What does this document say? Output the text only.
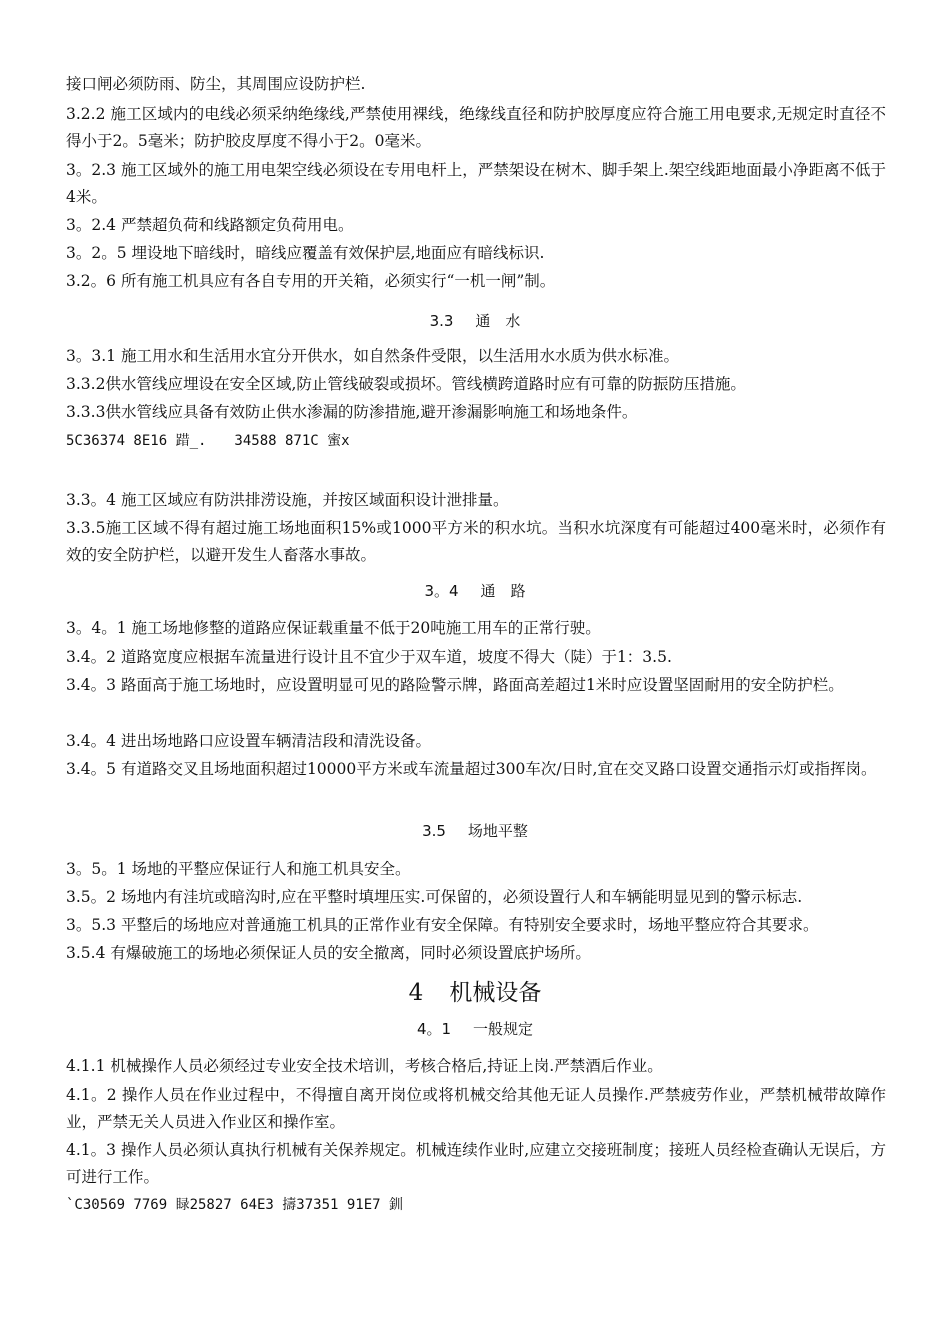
接口闸必须防雨、防尘，其周围应设防护栏.
3.2.2 施工区域内的电线必须采纳绝缘线,严禁使用裸线，绝缘线直径和防护胶厚度应符合施工用电要求,无规定时直径不得小于2。5毫米；防护胶皮厚度不得小于2。0毫米。
3。2.3 施工区域外的施工用电架空线必须设在专用电杆上，严禁架设在树木、脚手架上.架空线距地面最小净距离不低于4米。
3。2.4 严禁超负荷和线路额定负荷用电。
3。2。5 埋设地下暗线时，暗线应覆盖有效保护层,地面应有暗线标识.
3.2。6 所有施工机具应有各自专用的开关箱，必须实行“一机一闸”制。
3.3 通　水
3。3.1 施工用水和生活用水宜分开供水，如自然条件受限，以生活用水水质为供水标准。
3.3.2供水管线应埋设在安全区域,防止管线破裂或损坏。管线横跨道路时应有可靠的防振防压措施。
3.3.3供水管线应具备有效防止供水渗漏的防渗措施,避开渗漏影响施工和场地条件。
5C36374 8E16 踖_.　　34588 871C 蜜x
3.3。4 施工区域应有防洪排涝设施，并按区域面积设计泄排量。
3.3.5施工区域不得有超过施工场地面积15%或1000平方米的积水坑。当积水坑深度有可能超过400毫米时，必须作有效的安全防护栏，以避开发生人畜落水事故。
3。4 通　路
3。4。1 施工场地修整的道路应保证载重量不低于20吨施工用车的正常行驶。
3.4。2 道路宽度应根据车流量进行设计且不宜少于双车道，坡度不得大（陡）于1：3.5.
3.4。3 路面高于施工场地时，应设置明显可见的路险警示牌，路面高差超过1米时应设置坚固耐用的安全防护栏。
3.4。4 进出场地路口应设置车辆清洁段和清洗设备。
3.4。5 有道路交叉且场地面积超过10000平方米或车流量超过300车次/日时,宜在交叉路口设置交通指示灯或指挥岗。
3.5 场地平整
3。5。1 场地的平整应保证行人和施工机具安全。
3.5。2 场地内有洼坑或暗沟时,应在平整时填埋压实.可保留的，必须设置行人和车辆能明显见到的警示标志.
3。5.3 平整后的场地应对普通施工机具的正常作业有安全保障。有特别安全要求时，场地平整应符合其要求。
3.5.4 有爆破施工的场地必须保证人员的安全撤离，同时必须设置底护场所。
4 机械设备
4。1 一般规定
4.1.1 机械操作人员必须经过专业安全技术培训，考核合格后,持证上岗.严禁酒后作业。
4.1。2 操作人员在作业过程中，不得擅自离开岗位或将机械交给其他无证人员操作.严禁疲劳作业，严禁机械带故障作业，严禁无关人员进入作业区和操作室。
4.1。3 操作人员必须认真执行机械有关保养规定。机械连续作业时,应建立交接班制度；接班人员经检查确认无误后，方可进行工作。
`C30569 7769 睩25827 64E3 擣37351 91E7 釧
